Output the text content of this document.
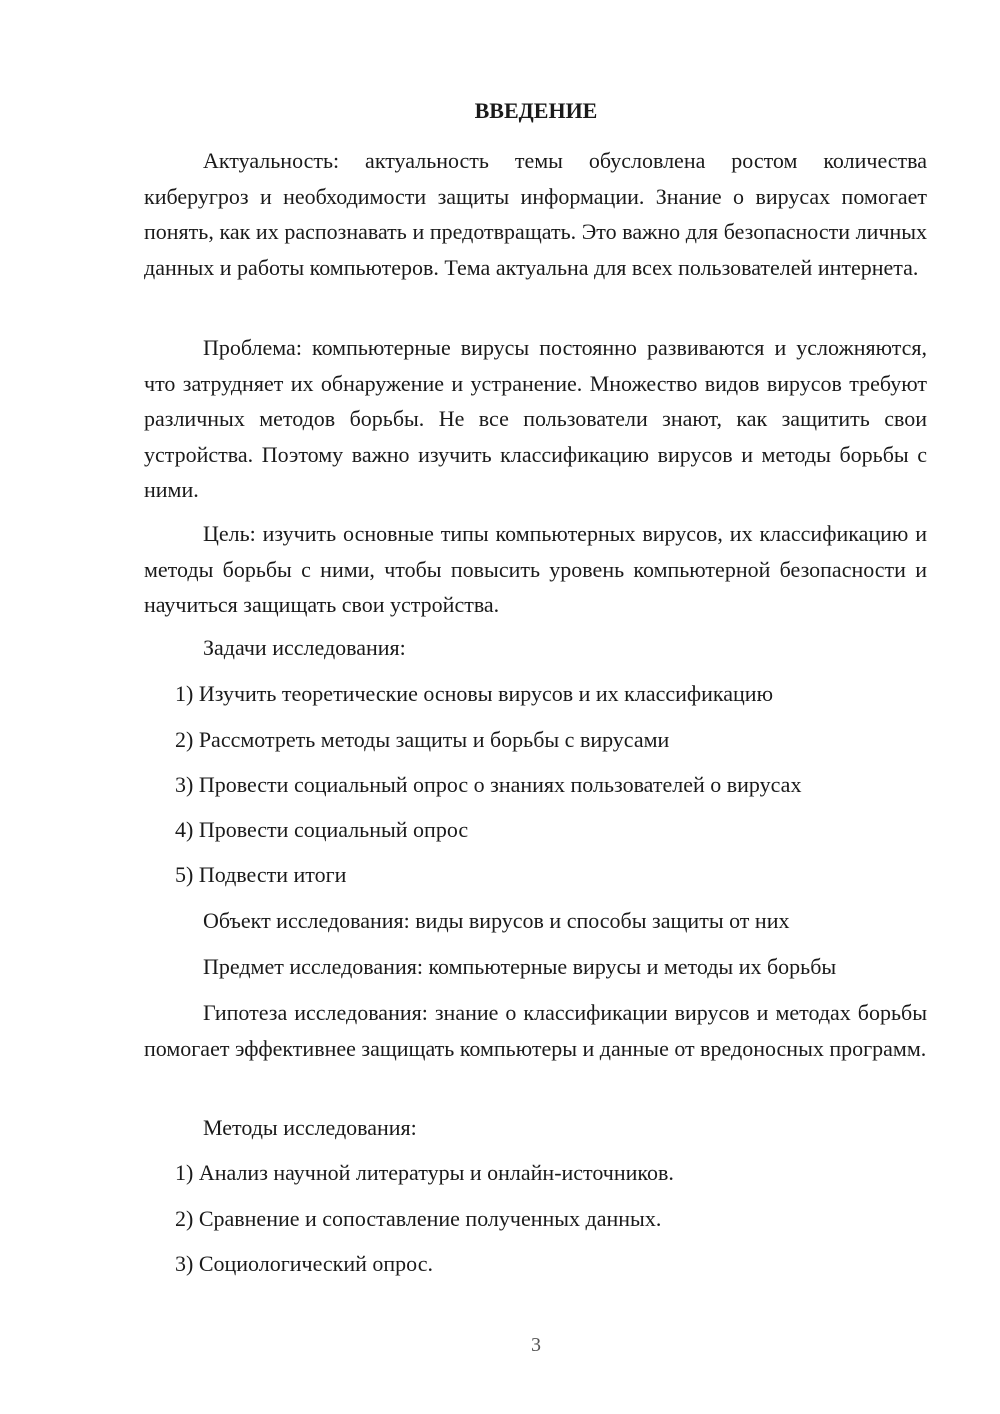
ВВЕДЕНИЕ

Актуальность: актуальность темы обусловлена ростом количества киберугроз и необходимости защиты информации. Знание о вирусах помогает понять, как их распознавать и предотвращать. Это важно для безопасности личных данных и работы компьютеров. Тема актуальна для всех пользователей интернета.

Проблема: компьютерные вирусы постоянно развиваются и усложняются, что затрудняет их обнаружение и устранение. Множество видов вирусов требуют различных методов борьбы. Не все пользователи знают, как защитить свои устройства. Поэтому важно изучить классификацию вирусов и методы борьбы с ними.

Цель: изучить основные типы компьютерных вирусов, их классификацию и методы борьбы с ними, чтобы повысить уровень компьютерной безопасности и научиться защищать свои устройства.

Задачи исследования:

1) Изучить теоретические основы вирусов и их классификацию

2) Рассмотреть методы защиты и борьбы с вирусами

3) Провести социальный опрос о знаниях пользователей о вирусах

4) Провести социальный опрос

5) Подвести итоги

Объект исследования: виды вирусов и способы защиты от них

Предмет исследования: компьютерные вирусы и методы их борьбы

Гипотеза исследования: знание о классификации вирусов и методах борьбы помогает эффективнее защищать компьютеры и данные от вредоносных программ.

Методы исследования:

1) Анализ научной литературы и онлайн-источников.

2) Сравнение и сопоставление полученных данных.

3) Социологический опрос.

3
